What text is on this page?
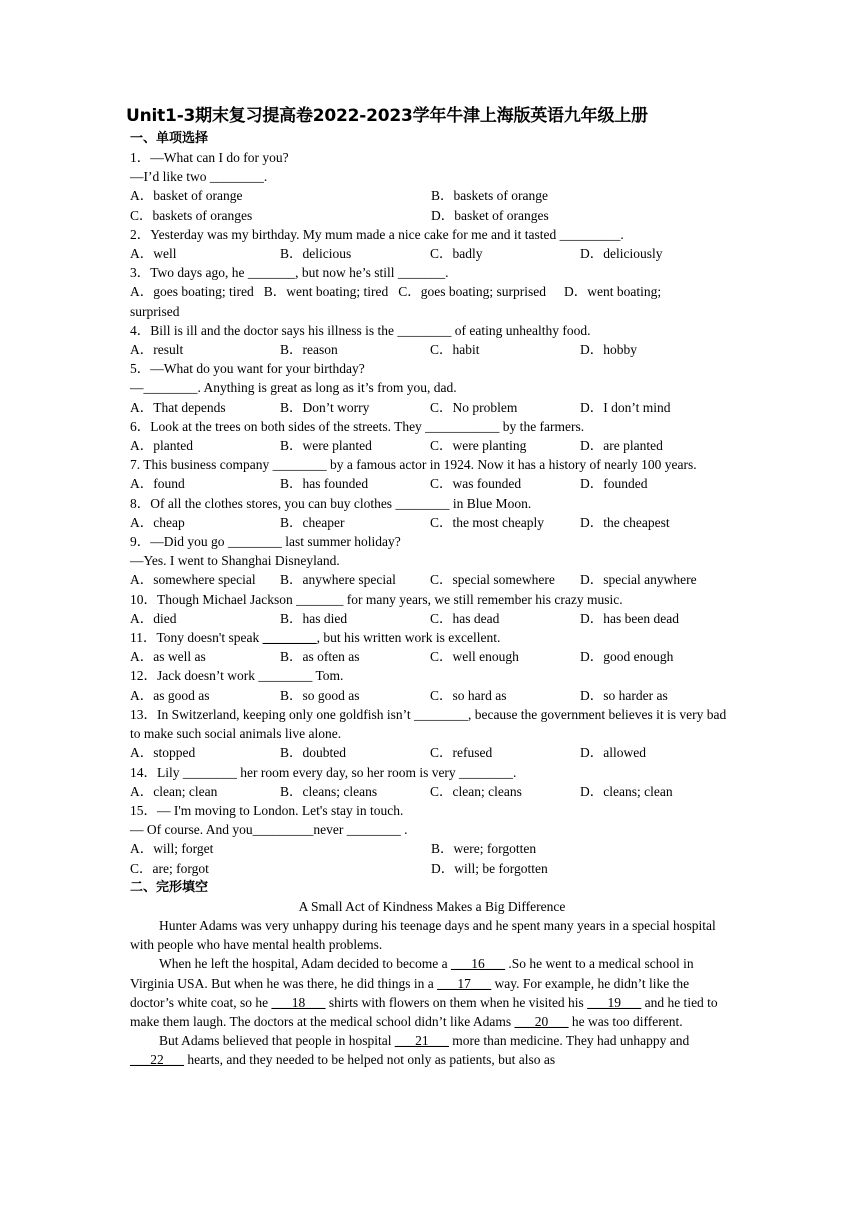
Unit1-3期末复习提高卷2022-2023学年牛津上海版英语九年级上册
一、单项选择
1．—What can I do for you?
—I’d like two ________.
A．basket of orange	B．baskets of orange
C．baskets of oranges	D．basket of oranges
2．Yesterday was my birthday. My mum made a nice cake for me and it tasted _________.
A．well	B．delicious	C．badly	D．deliciously
3．Two days ago, he _______, but now he’s still _______.
A．goes boating; tired B．went boating; tired C．goes boating; surprised D．went boating;
surprised
4．Bill is ill and the doctor says his illness is the ________ of eating unhealthy food.
A．result	B．reason	C．habit	D．hobby
5．—What do you want for your birthday?
—________. Anything is great as long as it’s from you, dad.
A．That depends	B．Don’t worry	C．No problem	D．I don’t mind
6．Look at the trees on both sides of the streets. They ___________ by the farmers.
A．planted	B．were planted	C．were planting	D．are planted
7. This business company ________ by a famous actor in 1924. Now it has a history of nearly 100 years.
A．found	B．has founded	C．was founded	D．founded
8．Of all the clothes stores, you can buy clothes ________ in Blue Moon.
A．cheap	B．cheaper	C．the most cheaply	D．the cheapest
9．—Did you go ________ last summer holiday?
—Yes. I went to Shanghai Disneyland.
A．somewhere special	B．anywhere special	C．special somewhere	D．special anywhere
10．Though Michael Jackson _______ for many years, we still remember his crazy music.
A．died	B．has died	C．has dead	D．has been dead
11．Tony doesn't speak ________, but his written work is excellent.
A．as well as	B．as often as	C．well enough	D．good enough
12．Jack doesn’t work ________ Tom.
A．as good as	B．so good as	C．so hard as	D．so harder as
13．In Switzerland, keeping only one goldfish isn’t ________, because the government believes it is very bad to make such social animals live alone.
A．stopped	B．doubted	C．refused	D．allowed
14．Lily ________ her room every day, so her room is very ________.
A．clean; clean	B．cleans; cleans	C．clean; cleans	D．cleans; clean
15．— I'm moving to London. Let's stay in touch.
— Of course. And you_________never ________ .
A．will; forget	B．were; forgotten
C．are; forgot	D．will; be forgotten
二、完形填空
A Small Act of Kindness Makes a Big Difference
Hunter Adams was very unhappy during his teenage days and he spent many years in a special hospital with people who have mental health problems.
When he left the hospital, Adam decided to become a ___16___ .So he went to a medical school in Virginia USA. But when he was there, he did things in a ___17___ way. For example, he didn’t like the doctor’s white coat, so he ___18___ shirts with flowers on them when he visited his ___19___ and he tied to make them laugh. The doctors at the medical school didn’t like Adams ___20___ he was too different.
But Adams believed that people in hospital ___21___ more than medicine. They had unhappy and ___22___ hearts, and they needed to be helped not only as patients, but also as
